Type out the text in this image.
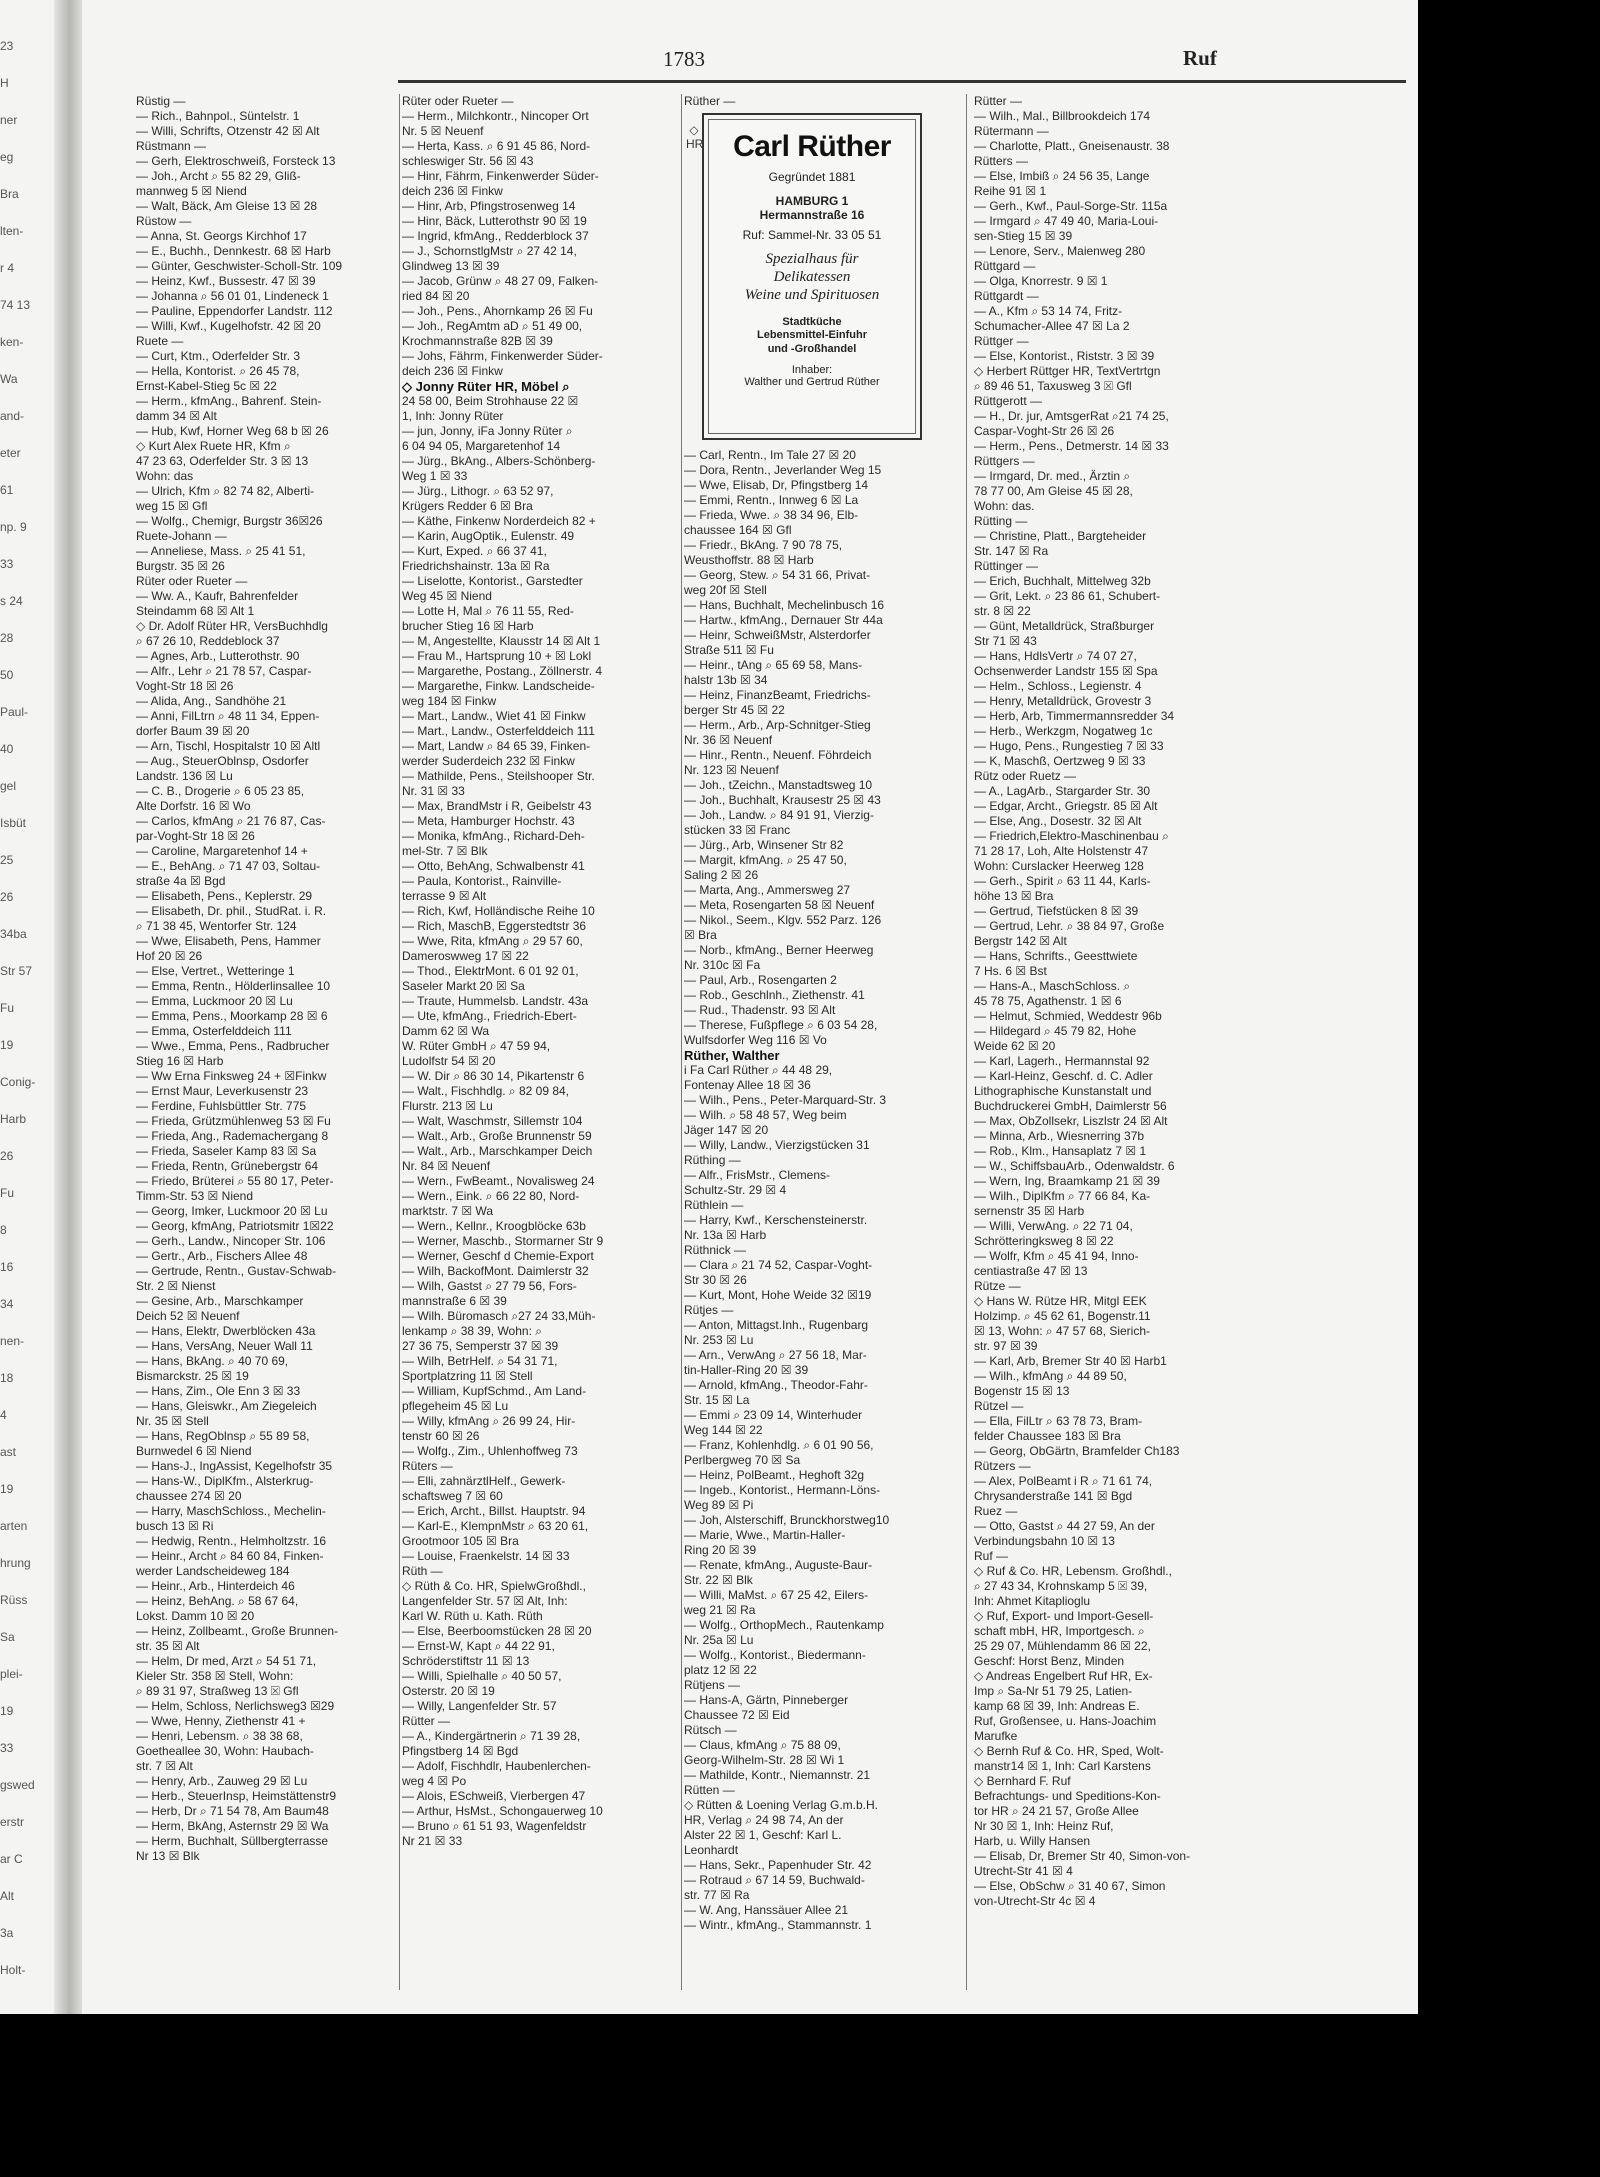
23
H
ner
eg
Bra
lten-
r 4
74 13
ken-
Wa
and-
eter
61
np. 9
33
s 24
28
50
Paul-
40
gel
Isbüt
25
26
34ba
Str 57
Fu
19
Conig-
Harb
26
Fu
8
16
34
nen-
18
4
ast
19
arten
hrung
Rüss
Sa
plei-
19
33
gswed
erstr
ar C
Alt
3a
Holt-
1783	Ruf
Rüstig —
— Rich., Bahnpol., Süntelstr. 1
— Willi, Schrifts, Otzenstr 42 ☒ Alt
Rüstmann —
— Gerh, Elektroschweiß, Forsteck 13
— Joh., Archt ⌕ 55 82 29, Gliß-
mannweg 5 ☒ Niend
— Walt, Bäck, Am Gleise 13 ☒ 28
Rüstow —
— Anna, St. Georgs Kirchhof 17
— E., Buchh., Dennkestr. 68 ☒ Harb
— Günter, Geschwister-Scholl-Str. 109
— Heinz, Kwf., Bussestr. 47 ☒ 39
— Johanna ⌕ 56 01 01, Lindeneck 1
— Pauline, Eppendorfer Landstr. 112
— Willi, Kwf., Kugelhofstr. 42 ☒ 20
Ruete —
— Curt, Ktm., Oderfelder Str. 3
— Hella, Kontorist. ⌕ 26 45 78,
Ernst-Kabel-Stieg 5c ☒ 22
— Herm., kfmAng., Bahrenf. Stein-
damm 34 ☒ Alt
— Hub, Kwf, Horner Weg 68 b ☒ 26
◇ Kurt Alex Ruete HR, Kfm ⌕
47 23 63, Oderfelder Str. 3 ☒ 13
Wohn: das
— Ulrich, Kfm ⌕ 82 74 82, Alberti-
weg 15 ☒ Gfl
— Wolfg., Chemigr, Burgstr 36☒26
Ruete-Johann —
— Anneliese, Mass. ⌕ 25 41 51,
Burgstr. 35 ☒ 26
Rüter oder Rueter —
— Ww. A., Kaufr, Bahrenfelder
Steindamm 68 ☒ Alt 1
◇ Dr. Adolf Rüter HR, VersBuchhdlg
⌕ 67 26 10, Reddeblock 37
— Agnes, Arb., Lutterothstr. 90
— Alfr., Lehr ⌕ 21 78 57, Caspar-
Voght-Str 18 ☒ 26
— Alida, Ang., Sandhöhe 21
— Anni, FilLtrn ⌕ 48 11 34, Eppen-
dorfer Baum 39 ☒ 20
— Arn, Tischl, Hospitalstr 10 ☒ Altl
— Aug., SteuerOblnsp, Osdorfer
Landstr. 136 ☒ Lu
— C. B., Drogerie ⌕ 6 05 23 85,
Alte Dorfstr. 16 ☒ Wo
— Carlos, kfmAng ⌕ 21 76 87, Cas-
par-Voght-Str 18 ☒ 26
— Caroline, Margaretenhof 14 +
— E., BehAng. ⌕ 71 47 03, Soltau-
straße 4a ☒ Bgd
— Elisabeth, Pens., Keplerstr. 29
— Elisabeth, Dr. phil., StudRat. i. R.
⌕ 71 38 45, Wentorfer Str. 124
— Wwe, Elisabeth, Pens, Hammer
Hof 20 ☒ 26
— Else, Vertret., Wetteringe 1
— Emma, Rentn., Hölderlinsallee 10
— Emma, Luckmoor 20 ☒ Lu
— Emma, Pens., Moorkamp 28 ☒ 6
— Emma, Osterfelddeich 111
— Wwe., Emma, Pens., Radbrucher
Stieg 16 ☒ Harb
— Ww Erna Finksweg 24 + ☒Finkw
— Ernst Maur, Leverkusenstr 23
— Ferdine, Fuhlsbüttler Str. 775
— Frieda, Grützmühlenweg 53 ☒ Fu
— Frieda, Ang., Rademachergang 8
— Frieda, Saseler Kamp 83 ☒ Sa
— Frieda, Rentn, Grünebergstr 64
— Friedo, Brüterei ⌕ 55 80 17, Peter-
Timm-Str. 53 ☒ Niend
— Georg, Imker, Luckmoor 20 ☒ Lu
— Georg, kfmAng, Patriotsmitr 1☒22
— Gerh., Landw., Nincoper Str. 106
— Gertr., Arb., Fischers Allee 48
— Gertrude, Rentn., Gustav-Schwab-
Str. 2 ☒ Nienst
— Gesine, Arb., Marschkamper
Deich 52 ☒ Neuenf
— Hans, Elektr, Dwerblöcken 43a
— Hans, VersAng, Neuer Wall 11
— Hans, BkAng. ⌕ 40 70 69,
Bismarckstr. 25 ☒ 19
— Hans, Zim., Ole Enn 3 ☒ 33
— Hans, Gleiswkr., Am Ziegeleich
Nr. 35 ☒ Stell
— Hans, RegOblnsp ⌕ 55 89 58,
Burnwedel 6 ☒ Niend
— Hans-J., IngAssist, Kegelhofstr 35
— Hans-W., DiplKfm., Alsterkrug-
chaussee 274 ☒ 20
— Harry, MaschSchloss., Mechelin-
busch 13 ☒ Ri
— Hedwig, Rentn., Helmholtzstr. 16
— Heinr., Archt ⌕ 84 60 84, Finken-
werder Landscheideweg 184
— Heinr., Arb., Hinterdeich 46
— Heinz, BehAng. ⌕ 58 67 64,
Lokst. Damm 10 ☒ 20
— Heinz, Zollbeamt., Große Brunnen-
str. 35 ☒ Alt
— Helm, Dr med, Arzt ⌕ 54 51 71,
Kieler Str. 358 ☒ Stell, Wohn:
⌕ 89 31 97, Straßweg 13 ☒ Gfl
— Helm, Schloss, Nerlichsweg3 ☒29
— Wwe, Henny, Ziethenstr 41 +
— Henri, Lebensm. ⌕ 38 38 68,
Goetheallee 30, Wohn: Haubach-
str. 7 ☒ Alt
— Henry, Arb., Zauweg 29 ☒ Lu
— Herb., SteuerInsp, Heimstättenstr9
— Herb, Dr ⌕ 71 54 78, Am Baum48
— Herm, BkAng, Asternstr 29 ☒ Wa
— Herm, Buchhalt, Süllbergterrasse
Nr 13 ☒ Blk
Rüter oder Rueter —
— Herm., Milchkontr., Nincoper Ort
Nr. 5 ☒ Neuenf
— Herta, Kass. ⌕ 6 91 45 86, Nord-
schleswiger Str. 56 ☒ 43
— Hinr, Fährm, Finkenwerder Süder-
deich 236 ☒ Finkw
— Hinr, Arb, Pfingstrosenweg 14
— Hinr, Bäck, Lutterothstr 90 ☒ 19
— Ingrid, kfmAng., Redderblock 37
— J., SchornstlgMstr ⌕ 27 42 14,
Glindweg 13 ☒ 39
— Jacob, Grünw ⌕ 48 27 09, Falken-
ried 84 ☒ 20
— Joh., Pens., Ahornkamp 26 ☒ Fu
— Joh., RegAmtm aD ⌕ 51 49 00,
Krochmannstraße 82B ☒ 39
— Johs, Fährm, Finkenwerder Süder-
deich 236 ☒ Finkw
◇ Jonny Rüter HR, Möbel ⌕
24 58 00, Beim Strohhause 22 ☒
1, Inh: Jonny Rüter
— jun, Jonny, iFa Jonny Rüter ⌕
6 04 94 05, Margaretenhof 14
— Jürg., BkAng., Albers-Schönberg-
Weg 1 ☒ 33
— Jürg., Lithogr. ⌕ 63 52 97,
Krügers Redder 6 ☒ Bra
— Käthe, Finkenw Norderdeich 82 +
— Karin, AugOptik., Eulenstr. 49
— Kurt, Exped. ⌕ 66 37 41,
Friedrichshainstr. 13a ☒ Ra
— Liselotte, Kontorist., Garstedter
Weg 45 ☒ Niend
— Lotte H, Mal ⌕ 76 11 55, Red-
brucher Stieg 16 ☒ Harb
— M, Angestellte, Klausstr 14 ☒ Alt 1
— Frau M., Hartsprung 10 + ☒ Lokl
— Margarethe, Postang., Zöllnerstr. 4
— Margarethe, Finkw. Landscheide-
weg 184 ☒ Finkw
— Mart., Landw., Wiet 41 ☒ Finkw
— Mart., Landw., Osterfelddeich 111
— Mart, Landw ⌕ 84 65 39, Finken-
werder Suderdeich 232 ☒ Finkw
— Mathilde, Pens., Steilshooper Str.
Nr. 31 ☒ 33
— Max, BrandMstr i R, Geibelstr 43
— Meta, Hamburger Hochstr. 43
— Monika, kfmAng., Richard-Deh-
mel-Str. 7 ☒ Blk
— Otto, BehAng, Schwalbenstr 41
— Paula, Kontorist., Rainville-
terrasse 9 ☒ Alt
— Rich, Kwf, Holländische Reihe 10
— Rich, MaschB, Eggerstedtstr 36
— Wwe, Rita, kfmAng ⌕ 29 57 60,
Dameroswweg 17 ☒ 22
— Thod., ElektrMont. 6 01 92 01,
Saseler Markt 20 ☒ Sa
— Traute, Hummelsb. Landstr. 43a
— Ute, kfmAng., Friedrich-Ebert-
Damm 62 ☒ Wa
W. Rüter GmbH ⌕ 47 59 94,
Ludolfstr 54 ☒ 20
— W. Dir ⌕ 86 30 14, Pikartenstr 6
— Walt., Fischhdlg. ⌕ 82 09 84,
Flurstr. 213 ☒ Lu
— Walt, Waschmstr, Sillemstr 104
— Walt., Arb., Große Brunnenstr 59
— Walt., Arb., Marschkamper Deich
Nr. 84 ☒ Neuenf
— Wern., FwBeamt., Novalisweg 24
— Wern., Eink. ⌕ 66 22 80, Nord-
marktstr. 7 ☒ Wa
— Wern., Kellnr., Kroogblöcke 63b
— Werner, Maschb., Stormarner Str 9
— Werner, Geschf d Chemie-Export
— Wilh, BackofMont. Daimlerstr 32
— Wilh, Gastst ⌕ 27 79 56, Fors-
mannstraße 6 ☒ 39
— Wilh. Büromasch ⌕27 24 33,Müh-
lenkamp ⌕ 38 39, Wohn: ⌕
27 36 75, Semperstr 37 ☒ 39
— Wilh, BetrHelf. ⌕ 54 31 71,
Sportplatzring 11 ☒ Stell
— William, KupfSchmd., Am Land-
pflegeheim 45 ☒ Lu
— Willy, kfmAng ⌕ 26 99 24, Hir-
tenstr 60 ☒ 26
— Wolfg., Zim., Uhlenhoffweg 73
Rüters —
— Elli, zahnärztlHelf., Gewerk-
schaftsweg 7 ☒ 60
— Erich, Archt., Billst. Hauptstr. 94
— Karl-E., KlempnMstr ⌕ 63 20 61,
Grootmoor 105 ☒ Bra
— Louise, Fraenkelstr. 14 ☒ 33
Rüth —
◇ Rüth & Co. HR, SpielwGroßhdl.,
Langenfelder Str. 57 ☒ Alt, Inh:
Karl W. Rüth u. Kath. Rüth
— Else, Beerboomstücken 28 ☒ 20
— Ernst-W, Kapt ⌕ 44 22 91,
Schröderstiftstr 11 ☒ 13
— Willi, Spielhalle ⌕ 40 50 57,
Osterstr. 20 ☒ 19
— Willy, Langenfelder Str. 57
Rütter —
— A., Kindergärtnerin ⌕ 71 39 28,
Pfingstberg 14 ☒ Bgd
— Adolf, Fischhdlr, Haubenlerchen-
weg 4 ☒ Po
— Alois, ESchweiß, Vierbergen 47
— Arthur, HsMst., Schongauerweg 10
— Bruno ⌕ 61 51 93, Wagenfeldstr
Nr 21 ☒ 33
Rüther —
◇ HR Carl Rüther
Gegründet 1881
HAMBURG 1
Hermannstraße 16
Ruf: Sammel-Nr. 33 05 51
Spezialhaus für
Delikatessen
Weine und Spirituosen
Stadtküche
Lebensmittel-Einfuhr
und -Großhandel
Inhaber:
Walther und Gertrud Rüther
— Carl, Rentn., Im Tale 27 ☒ 20
— Dora, Rentn., Jeverlander Weg 15
— Wwe, Elisab, Dr, Pfingstberg 14
— Emmi, Rentn., Innweg 6 ☒ La
— Frieda, Wwe. ⌕ 38 34 96, Elb-
chaussee 164 ☒ Gfl
— Friedr., BkAng. 7 90 78 75,
Weusthoffstr. 88 ☒ Harb
— Georg, Stew. ⌕ 54 31 66, Privat-
weg 20f ☒ Stell
— Hans, Buchhalt, Mechelinbusch 16
— Hartw., kfmAng., Dernauer Str 44a
— Heinr, SchweißMstr, Alsterdorfer
Straße 511 ☒ Fu
— Heinr., tAng ⌕ 65 69 58, Mans-
halstr 13b ☒ 34
— Heinz, FinanzBeamt, Friedrichs-
berger Str 45 ☒ 22
— Herm., Arb., Arp-Schnitger-Stieg
Nr. 36 ☒ Neuenf
— Hinr., Rentn., Neuenf. Föhrdeich
Nr. 123 ☒ Neuenf
— Joh., tZeichn., Manstadtsweg 10
— Joh., Buchhalt, Krausestr 25 ☒ 43
— Joh., Landw. ⌕ 84 91 91, Vierzig-
stücken 33 ☒ Franc
— Jürg., Arb, Winsener Str 82
— Margit, kfmAng. ⌕ 25 47 50,
Saling 2 ☒ 26
— Marta, Ang., Ammersweg 27
— Meta, Rosengarten 58 ☒ Neuenf
— Nikol., Seem., Klgv. 552 Parz. 126
☒ Bra
— Norb., kfmAng., Berner Heerweg
Nr. 310c ☒ Fa
— Paul, Arb., Rosengarten 2
— Rob., Geschlnh., Ziethenstr. 41
— Rud., Thadenstr. 93 ☒ Alt
— Therese, Fußpflege ⌕ 6 03 54 28,
Wulfsdorfer Weg 116 ☒ Vo
Rüther, Walther
i Fa Carl Rüther ⌕ 44 48 29,
Fontenay Allee 18 ☒ 36
— Wilh., Pens., Peter-Marquard-Str. 3
— Wilh. ⌕ 58 48 57, Weg beim
Jäger 147 ☒ 20
— Willy, Landw., Vierzigstücken 31
Rüthing —
— Alfr., FrisMstr., Clemens-
Schultz-Str. 29 ☒ 4
Rüthlein —
— Harry, Kwf., Kerschensteinerstr.
Nr. 13a ☒ Harb
Rüthnick —
— Clara ⌕ 21 74 52, Caspar-Voght-
Str 30 ☒ 26
— Kurt, Mont, Hohe Weide 32 ☒19
Rütjes —
— Anton, Mittagst.Inh., Rugenbarg
Nr. 253 ☒ Lu
— Arn., VerwAng ⌕ 27 56 18, Mar-
tin-Haller-Ring 20 ☒ 39
— Arnold, kfmAng., Theodor-Fahr-
Str. 15 ☒ La
— Emmi ⌕ 23 09 14, Winterhuder
Weg 144 ☒ 22
— Franz, Kohlenhdlg. ⌕ 6 01 90 56,
Perlbergweg 70 ☒ Sa
— Heinz, PolBeamt., Heghoft 32g
— Ingeb., Kontorist., Hermann-Löns-
Weg 89 ☒ Pi
— Joh, Alsterschiff, Brunckhorstweg10
— Marie, Wwe., Martin-Haller-
Ring 20 ☒ 39
— Renate, kfmAng., Auguste-Baur-
Str. 22 ☒ Blk
— Willi, MaMst. ⌕ 67 25 42, Eilers-
weg 21 ☒ Ra
— Wolfg., OrthopMech., Rautenkamp
Nr. 25a ☒ Lu
— Wolfg., Kontorist., Biedermann-
platz 12 ☒ 22
Rütjens —
— Hans-A, Gärtn, Pinneberger
Chaussee 72 ☒ Eid
Rütsch —
— Claus, kfmAng ⌕ 75 88 09,
Georg-Wilhelm-Str. 28 ☒ Wi 1
— Mathilde, Kontr., Niemannstr. 21
Rütten —
◇ Rütten & Loening Verlag G.m.b.H.
HR, Verlag ⌕ 24 98 74, An der
Alster 22 ☒ 1, Geschf: Karl L.
Leonhardt
— Hans, Sekr., Papenhuder Str. 42
— Rotraud ⌕ 67 14 59, Buchwald-
str. 77 ☒ Ra
— W. Ang, Hanssäuer Allee 21
— Wintr., kfmAng., Stammannstr. 1
Rütter —
— Wilh., Mal., Billbrookdeich 174
Rütermann —
— Charlotte, Platt., Gneisenaustr. 38
Rütters —
— Else, Imbiß ⌕ 24 56 35, Lange
Reihe 91 ☒ 1
— Gerh., Kwf., Paul-Sorge-Str. 115a
— Irmgard ⌕ 47 49 40, Maria-Loui-
sen-Stieg 15 ☒ 39
— Lenore, Serv., Maienweg 280
Rüttgard —
— Olga, Knorrestr. 9 ☒ 1
Rüttgardt —
— A., Kfm ⌕ 53 14 74, Fritz-
Schumacher-Allee 47 ☒ La 2
Rüttger —
— Else, Kontorist., Riststr. 3 ☒ 39
◇ Herbert Rüttger HR, TextVertrtgn
⌕ 89 46 51, Taxusweg 3 ☒ Gfl
Rüttgerott —
— H., Dr. jur, AmtsgerRat ⌕21 74 25,
Caspar-Voght-Str 26 ☒ 26
— Herm., Pens., Detmerstr. 14 ☒ 33
Rüttgers —
— Irmgard, Dr. med., Ärztin ⌕
78 77 00, Am Gleise 45 ☒ 28,
Wohn: das.
Rütting —
— Christine, Platt., Bargteheider
Str. 147 ☒ Ra
Rüttinger —
— Erich, Buchhalt, Mittelweg 32b
— Grit, Lekt. ⌕ 23 86 61, Schubert-
str. 8 ☒ 22
— Günt, Metalldrück, Straßburger
Str 71 ☒ 43
— Hans, HdlsVertr ⌕ 74 07 27,
Ochsenwerder Landstr 155 ☒ Spa
— Helm., Schloss., Legienstr. 4
— Henry, Metalldrück, Grovestr 3
— Herb, Arb, Timmermannsredder 34
— Herb., Werkzgm, Nogatweg 1c
— Hugo, Pens., Rungestieg 7 ☒ 33
— K, Maschß, Oertzweg 9 ☒ 33
Rütz oder Ruetz —
— A., LagArb., Stargarder Str. 30
— Edgar, Archt., Griegstr. 85 ☒ Alt
— Else, Ang., Dosestr. 32 ☒ Alt
— Friedrich,Elektro-Maschinenbau ⌕
71 28 17, Loh, Alte Holstenstr 47
Wohn: Curslacker Heerweg 128
— Gerh., Spirit ⌕ 63 11 44, Karls-
höhe 13 ☒ Bra
— Gertrud, Tiefstücken 8 ☒ 39
— Gertrud, Lehr. ⌕ 38 84 97, Große
Bergstr 142 ☒ Alt
— Hans, Schrifts., Geesttwiete
7 Hs. 6 ☒ Bst
— Hans-A., MaschSchloss. ⌕
45 78 75, Agathenstr. 1 ☒ 6
— Helmut, Schmied, Weddestr 96b
— Hildegard ⌕ 45 79 82, Hohe
Weide 62 ☒ 20
— Karl, Lagerh., Hermannstal 92
— Karl-Heinz, Geschf. d. C. Adler
Lithographische Kunstanstalt und
Buchdruckerei GmbH, Daimlerstr 56
— Max, ObZollsekr, Liszlstr 24 ☒ Alt
— Minna, Arb., Wiesnerring 37b
— Rob., Klm., Hansaplatz 7 ☒ 1
— W., SchiffsbauArb., Odenwaldstr. 6
— Wern, Ing, Braamkamp 21 ☒ 39
— Wilh., DiplKfm ⌕ 77 66 84, Ka-
sernenstr 35 ☒ Harb
— Willi, VerwAng. ⌕ 22 71 04,
Schrötteringksweg 8 ☒ 22
— Wolfr, Kfm ⌕ 45 41 94, Inno-
centiastraße 47 ☒ 13
Rütze —
◇ Hans W. Rütze HR, Mitgl EEK
Holzimp. ⌕ 45 62 61, Bogenstr.11
☒ 13, Wohn: ⌕ 47 57 68, Sierich-
str. 97 ☒ 39
— Karl, Arb, Bremer Str 40 ☒ Harb1
— Wilh., kfmAng ⌕ 44 89 50,
Bogenstr 15 ☒ 13
Rützel —
— Ella, FilLtr ⌕ 63 78 73, Bram-
felder Chaussee 183 ☒ Bra
— Georg, ObGärtn, Bramfelder Ch183
Rützers —
— Alex, PolBeamt i R ⌕ 71 61 74,
Chrysanderstraße 141 ☒ Bgd
Ruez —
— Otto, Gastst ⌕ 44 27 59, An der
Verbindungsbahn 10 ☒ 13
Ruf —
◇ Ruf & Co. HR, Lebensm. Großhdl.,
⌕ 27 43 34, Krohnskamp 5 ☒ 39,
Inh: Ahmet Kitaplioglu
◇ Ruf, Export- und Import-Gesell-
schaft mbH, HR, Importgesch. ⌕
25 29 07, Mühlendamm 86 ☒ 22,
Geschf: Horst Benz, Minden
◇ Andreas Engelbert Ruf HR, Ex-
Imp ⌕ Sa-Nr 51 79 25, Latien-
kamp 68 ☒ 39, Inh: Andreas E.
Ruf, Großensee, u. Hans-Joachim
Marufke
◇ Bernh Ruf & Co. HR, Sped, Wolt-
manstr14 ☒ 1, Inh: Carl Karstens
◇ Bernhard F. Ruf
Befrachtungs- und Speditions-Kon-
tor HR ⌕ 24 21 57, Große Allee
Nr 30 ☒ 1, Inh: Heinz Ruf,
Harb, u. Willy Hansen
— Elisab, Dr, Bremer Str 40, Simon-von-
Utrecht-Str 41 ☒ 4
— Else, ObSchw ⌕ 31 40 67, Simon
von-Utrecht-Str 4c ☒ 4
